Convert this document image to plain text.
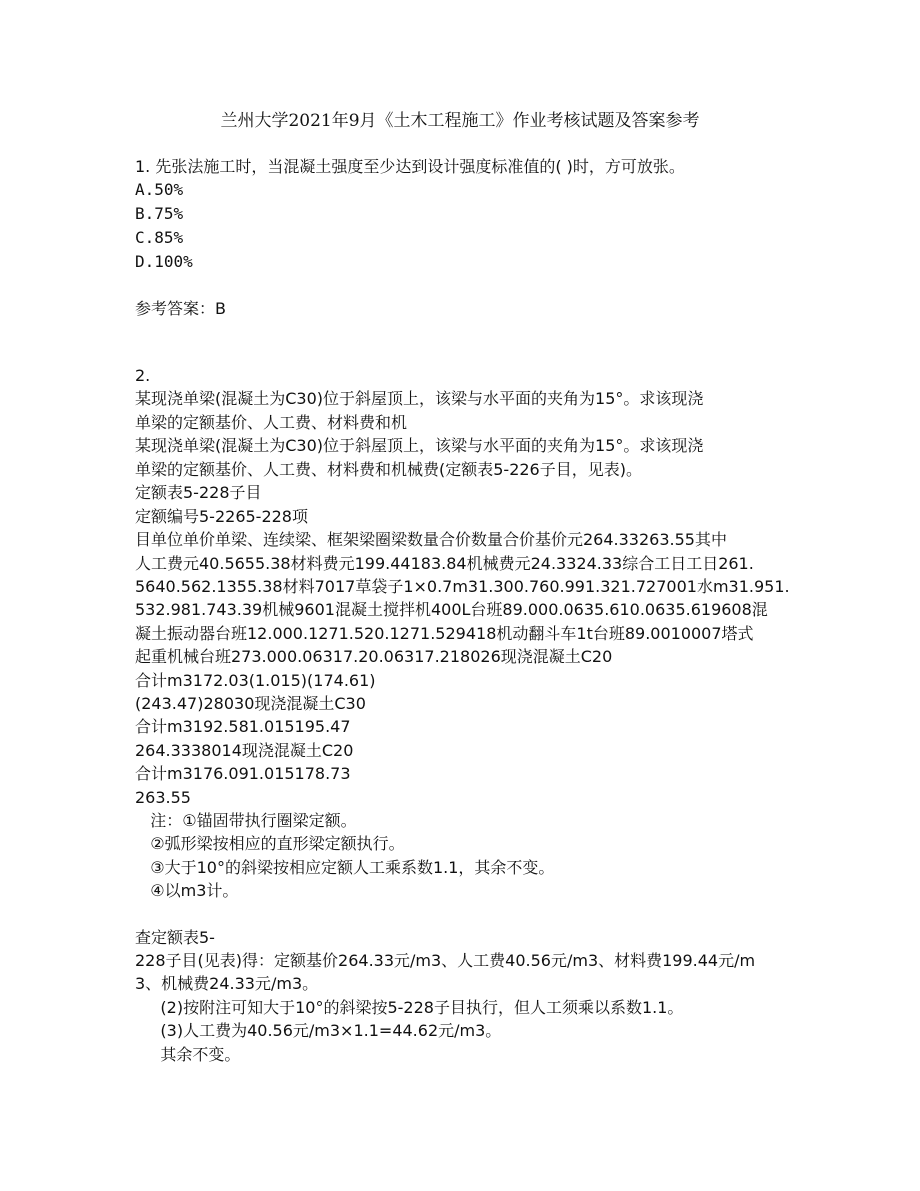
兰州大学2021年9月《土木工程施工》作业考核试题及答案参考
1. 先张法施工时，当混凝土强度至少达到设计强度标准值的( )时，方可放张。
A.50%
B.75%
C.85%
D.100%
参考答案：B
2.
某现浇单梁(混凝土为C30)位于斜屋顶上，该梁与水平面的夹角为15°。求该现浇
单梁的定额基价、人工费、材料费和机
某现浇单梁(混凝土为C30)位于斜屋顶上，该梁与水平面的夹角为15°。求该现浇
单梁的定额基价、人工费、材料费和机械费(定额表5-226子目，见表)。
定额表5-228子目
定额编号5-2265-228项
目单位单价单梁、连续梁、框架梁圈梁数量合价数量合价基价元264.33263.55其中
人工费元40.5655.38材料费元199.44183.84机械费元24.3324.33综合工日工日261.
5640.562.1355.38材料7017草袋子1×0.7m31.300.760.991.321.727001水m31.951.
532.981.743.39机械9601混凝土搅拌机400L台班89.000.0635.610.0635.619608混
凝土振动器台班12.000.1271.520.1271.529418机动翻斗车1t台班89.0010007塔式
起重机械台班273.000.06317.20.06317.218026现浇混凝土C20
合计m3172.03(1.015)(174.61)
(243.47)28030现浇混凝土C30
合计m3192.581.015195.47
264.3338014现浇混凝土C20
合计m3176.091.015178.73
263.55
注：①锚固带执行圈梁定额。
②弧形梁按相应的直形梁定额执行。
③大于10°的斜梁按相应定额人工乘系数1.1，其余不变。
④以m3计。
查定额表5-
228子目(见表)得：定额基价264.33元/m3、人工费40.56元/m3、材料费199.44元/m
3、机械费24.33元/m3。
(2)按附注可知大于10°的斜梁按5-228子目执行，但人工须乘以系数1.1。
(3)人工费为40.56元/m3×1.1=44.62元/m3。
其余不变。
